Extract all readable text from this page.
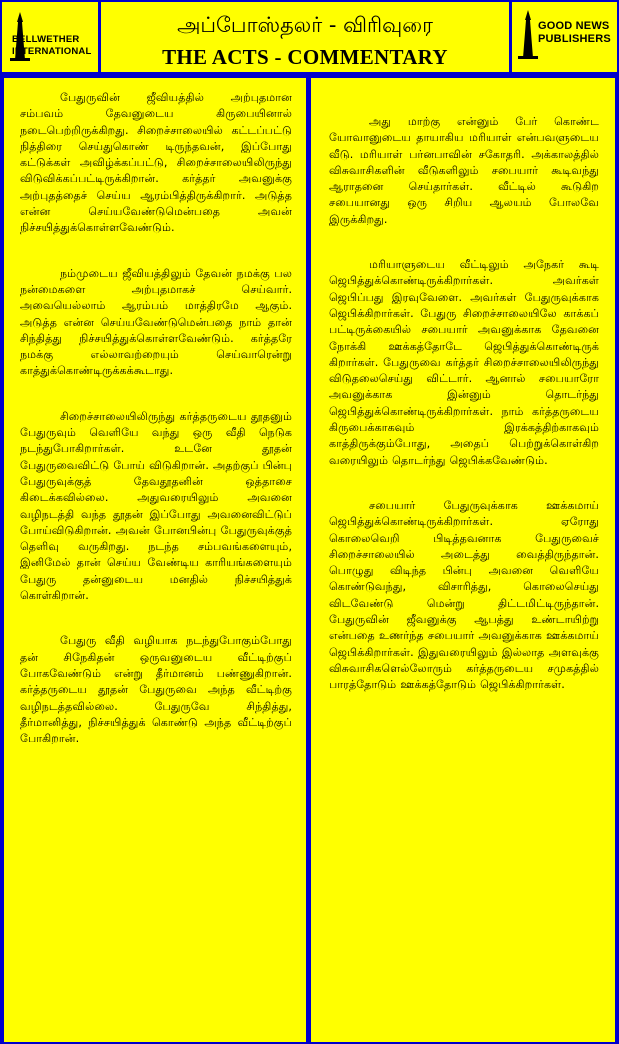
BELLWETHER
INTERNATIONAL
அப்போஸ்தலர் - விரிவுரை
THE ACTS - COMMENTARY
GOOD NEWS
PUBLISHERS

பேதுருவின் ஜீவியத்தில் அற்புதமான சம்பவம் தேவனுடைய கிருபையினால் நடைபெற்றிருக்கிறது. சிறைச்சாலையில் கட்டப்பட்டு நித்திரை செய்துகொண் டிருந்தவன், இப்போது கட்டுக்கள் அவிழ்க்கப்பட்டு, சிறைச்சாலையிலிருந்து விடுவிக்கப்பட்டிருக்கிறான். கர்த்தர் அவனுக்கு அற்புதத்தைச் செய்ய ஆரம்பித்திருக்கிறார். அடுத்த என்ன செய்யவேண்டுமென்பதை அவன் நிச்சயித்துக்கொள்ளவேண்டும்.

நம்முடைய ஜீவியத்திலும் தேவன் நமக்கு பல நன்மைகளை அற்புதமாகச் செய்வார். அவையெல்லாம் ஆரம்பம் மாத்திரமே ஆகும். அடுத்த என்ன செய்யவேண்டுமென்பதை நாம் தான் சிந்தித்து நிச்சயித்துக்கொள்ளவேண்டும். கர்த்தரே நமக்கு எல்லாவற்றையும் செய்வாரென்று காத்துக்கொண்டிருக்கக்கூடாது.

சிறைச்சாலையிலிருந்து கர்த்தருடைய தூதனும் பேதுருவும் வெளியே வந்து ஒரு வீதி நெடுக நடந்துபோகிறார்கள். உடனே தூதன் பேதுருவைவிட்டு போய் விடுகிறான். அதற்குப் பின்பு பேதுருவுக்குத் தேவதூதனின் ஒத்தாசை கிடைக்கவில்லை. அதுவரையிலும் அவனை வழிநடத்தி வந்த தூதன் இப்போது அவனைவிட்டுப் போய்விடுகிறான். அவன் போனபின்பு பேதுருவுக்குத் தெளிவு வருகிறது. நடந்த சம்பவங்களையும், இனிமேல் தான் செய்ய வேண்டிய காரியங்களையும் பேதுரு தன்னுடைய மனதில் நிச்சயித்துக் கொள்கிறான்.

பேதுரு வீதி வழியாக நடந்துபோகும்போது தன் சிநேகிதன் ஒருவனுடைய வீட்டிற்குப் போகவேண்டும் என்று தீர்மானம் பண்ணுகிறான். கர்த்தருடைய தூதன் பேதுருவை அந்த வீட்டிற்கு வழிநடத்தவில்லை. பேதுருவே சிந்தித்து, தீர்மானித்து, நிச்சயித்துக் கொண்டு அந்த வீட்டிற்குப் போகிறான்.

அது மாற்கு என்னும் பேர் கொண்ட யோவானுடைய தாயாகிய மரியாள் என்பவளுடைய வீடு. மரியாள் பர்னபாவின் சகோதரி. அக்காலத்தில் விசுவாசிகளின் வீடுகளிலும் சபையார் கூடிவந்து ஆராதனை செய்தார்கள். வீட்டில் கூடுகிற சபையானது ஒரு சிறிய ஆலயம் போலவே இருக்கிறது.

மரியாளுடைய வீட்டிலும் அநேகர் கூடி ஜெபித்துக்கொண்டிருக்கிறார்கள். அவர்கள் ஜெபிப்பது இரவுவேளை. அவர்கள் பேதுருவுக்காக ஜெபிக்கிறார்கள். பேதுரு சிறைச்சாலையிலே காக்கப் பட்டிருக்கையில் சபையார் அவனுக்காக தேவனை நோக்கி ஊக்கத்தோடே ஜெபித்துக்கொண்டிருக் கிறார்கள். பேதுருவை கர்த்தர் சிறைச்சாலையிலிருந்து விடுதலைசெய்து விட்டார். ஆனால் சபையாரோ அவனுக்காக இன்னும் தொடர்ந்து ஜெபித்துக்கொண்டிருக்கிறார்கள். நாம் கர்த்தருடைய கிருபைக்காகவும் இரக்கத்திற்காகவும் காத்திருக்கும்போது, அதைப் பெற்றுக்கொள்கிற வரையிலும் தொடர்ந்து ஜெபிக்கவேண்டும்.

சபையார் பேதுருவுக்காக ஊக்கமாய் ஜெபித்துக்கொண்டிருக்கிறார்கள். ஏரோது கொலைவெறி பிடித்தவனாக பேதுருவைச் சிறைச்சாலையில் அடைத்து வைத்திருந்தான். பொழுது விடிந்த பின்பு அவனை வெளியே கொண்டுவந்து, விசாரித்து, கொலைசெய்து விடவேண்டு மென்று திட்டமிட்டிருந்தான். பேதுருவின் ஜீவனுக்கு ஆபத்து உண்டாயிற்று என்பதை உணர்ந்த சபையார் அவனுக்காக ஊக்கமாய் ஜெபிக்கிறார்கள். இதுவரையிலும் இல்லாத அளவுக்கு விசுவாசிகளெல்லோரும் கர்த்தருடைய சமுகத்தில் பாரத்தோடும் ஊக்கத்தோடும் ஜெபிக்கிறார்கள்.
